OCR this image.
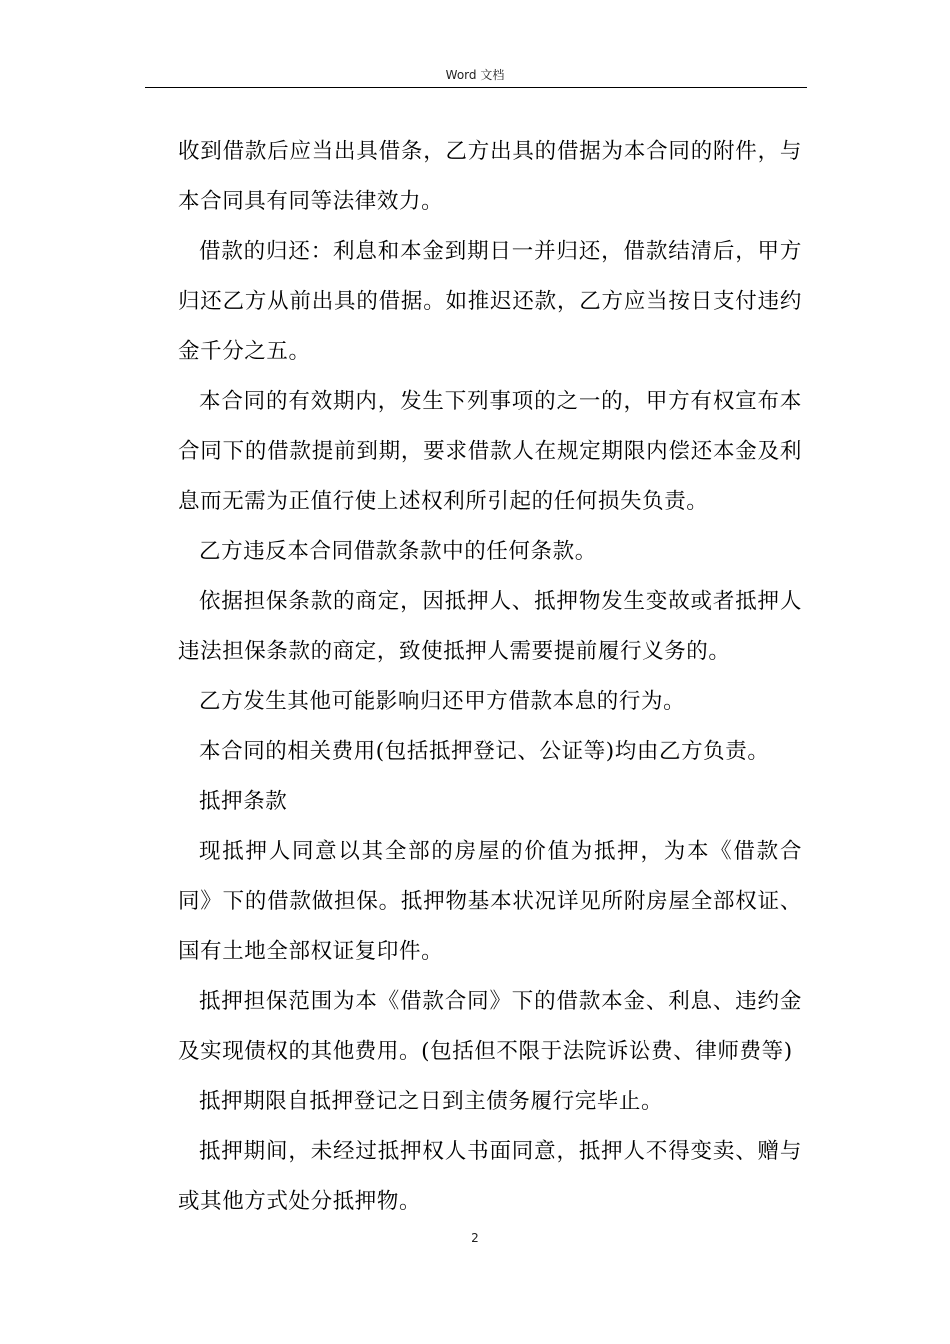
Word 文档

收到借款后应当出具借条，乙方出具的借据为本合同的附件，与本合同具有同等法律效力。

借款的归还：利息和本金到期日一并归还，借款结清后，甲方归还乙方从前出具的借据。如推迟还款，乙方应当按日支付违约金千分之五。

本合同的有效期内，发生下列事项的之一的，甲方有权宣布本合同下的借款提前到期，要求借款人在规定期限内偿还本金及利息而无需为正值行使上述权利所引起的任何损失负责。

乙方违反本合同借款条款中的任何条款。

依据担保条款的商定，因抵押人、抵押物发生变故或者抵押人违法担保条款的商定，致使抵押人需要提前履行义务的。

乙方发生其他可能影响归还甲方借款本息的行为。

本合同的相关费用(包括抵押登记、公证等)均由乙方负责。

抵押条款

现抵押人同意以其全部的房屋的价值为抵押，为本《借款合同》下的借款做担保。抵押物基本状况详见所附房屋全部权证、国有土地全部权证复印件。

抵押担保范围为本《借款合同》下的借款本金、利息、违约金及实现债权的其他费用。(包括但不限于法院诉讼费、律师费等)

抵押期限自抵押登记之日到主债务履行完毕止。

抵押期间，未经过抵押权人书面同意，抵押人不得变卖、赠与或其他方式处分抵押物。

2
